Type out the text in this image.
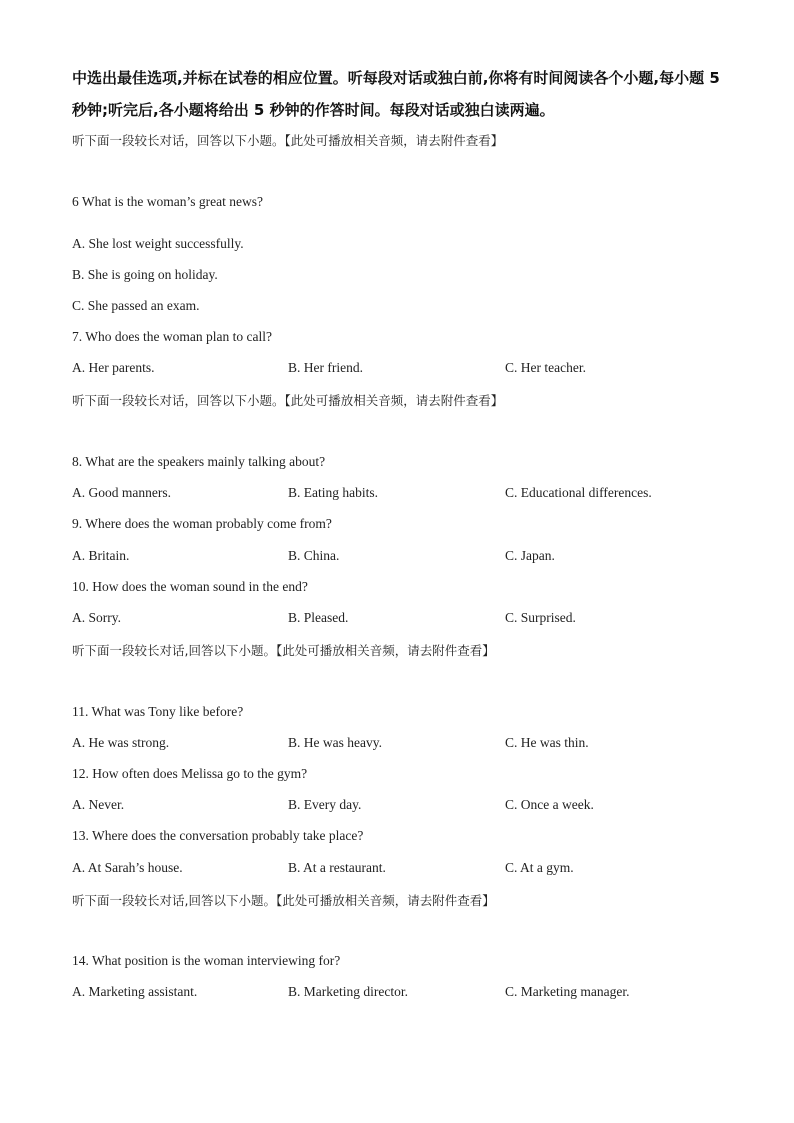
中选出最佳选项,并标在试卷的相应位置。听每段对话或独白前,你将有时间阅读各个小题,每小题 5 秒钟;听完后,各小题将给出 5 秒钟的作答时间。每段对话或独白读两遍。
听下面一段较长对话，回答以下小题。【此处可播放相关音频，请去附件查看】
6 What is the woman’s great news?
A. She lost weight successfully.
B. She is going on holiday.
C. She passed an exam.
7. Who does the woman plan to call?
A. Her parents.	B. Her friend.	C. Her teacher.
听下面一段较长对话，回答以下小题。【此处可播放相关音频，请去附件查看】
8. What are the speakers mainly talking about?
A. Good manners.	B. Eating habits.	C. Educational differences.
9. Where does the woman probably come from?
A. Britain.	B. China.	C. Japan.
10. How does the woman sound in the end?
A. Sorry.	B. Pleased.	C. Surprised.
听下面一段较长对话,回答以下小题。【此处可播放相关音频，请去附件查看】
11. What was Tony like before?
A. He was strong.	B. He was heavy.	C. He was thin.
12. How often does Melissa go to the gym?
A. Never.	B. Every day.	C. Once a week.
13. Where does the conversation probably take place?
A. At Sarah’s house.	B. At a restaurant.	C. At a gym.
听下面一段较长对话,回答以下小题。【此处可播放相关音频，请去附件查看】
14. What position is the woman interviewing for?
A. Marketing assistant.	B. Marketing director.	C. Marketing manager.
